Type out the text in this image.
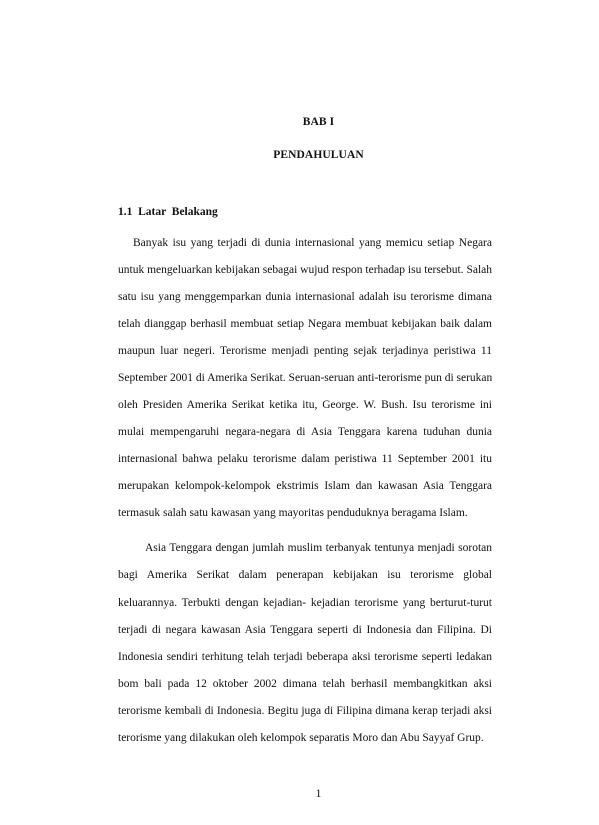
BAB I
PENDAHULUAN
1.1  Latar  Belakang
Banyak isu yang terjadi di dunia internasional yang memicu setiap Negara
untuk mengeluarkan kebijakan sebagai wujud respon terhadap isu tersebut. Salah
satu isu yang menggemparkan dunia internasional adalah isu terorisme dimana
telah dianggap berhasil membuat setiap Negara membuat kebijakan baik dalam
maupun luar negeri. Terorisme menjadi penting sejak terjadinya peristiwa 11
September 2001 di Amerika Serikat. Seruan-seruan anti-terorisme pun di serukan
oleh Presiden Amerika Serikat ketika itu, George. W. Bush. Isu terorisme ini
mulai mempengaruhi negara-negara di Asia Tenggara karena tuduhan dunia
internasional bahwa pelaku terorisme dalam peristiwa 11 September 2001 itu
merupakan kelompok-kelompok ekstrimis Islam dan kawasan Asia Tenggara
termasuk salah satu kawasan yang mayoritas penduduknya beragama Islam.
Asia Tenggara dengan jumlah muslim terbanyak tentunya menjadi sorotan
bagi Amerika Serikat dalam penerapan kebijakan isu terorisme global
keluarannya. Terbukti dengan kejadian- kejadian terorisme yang berturut-turut
terjadi di negara kawasan Asia Tenggara seperti di Indonesia dan Filipina. Di
Indonesia sendiri terhitung telah terjadi beberapa aksi terorisme seperti ledakan
bom bali pada 12 oktober 2002 dimana telah berhasil membangkitkan aksi
terorisme kembali di Indonesia. Begitu juga di Filipina dimana kerap terjadi aksi
terorisme yang dilakukan oleh kelompok separatis Moro dan Abu Sayyaf Grup.
1
